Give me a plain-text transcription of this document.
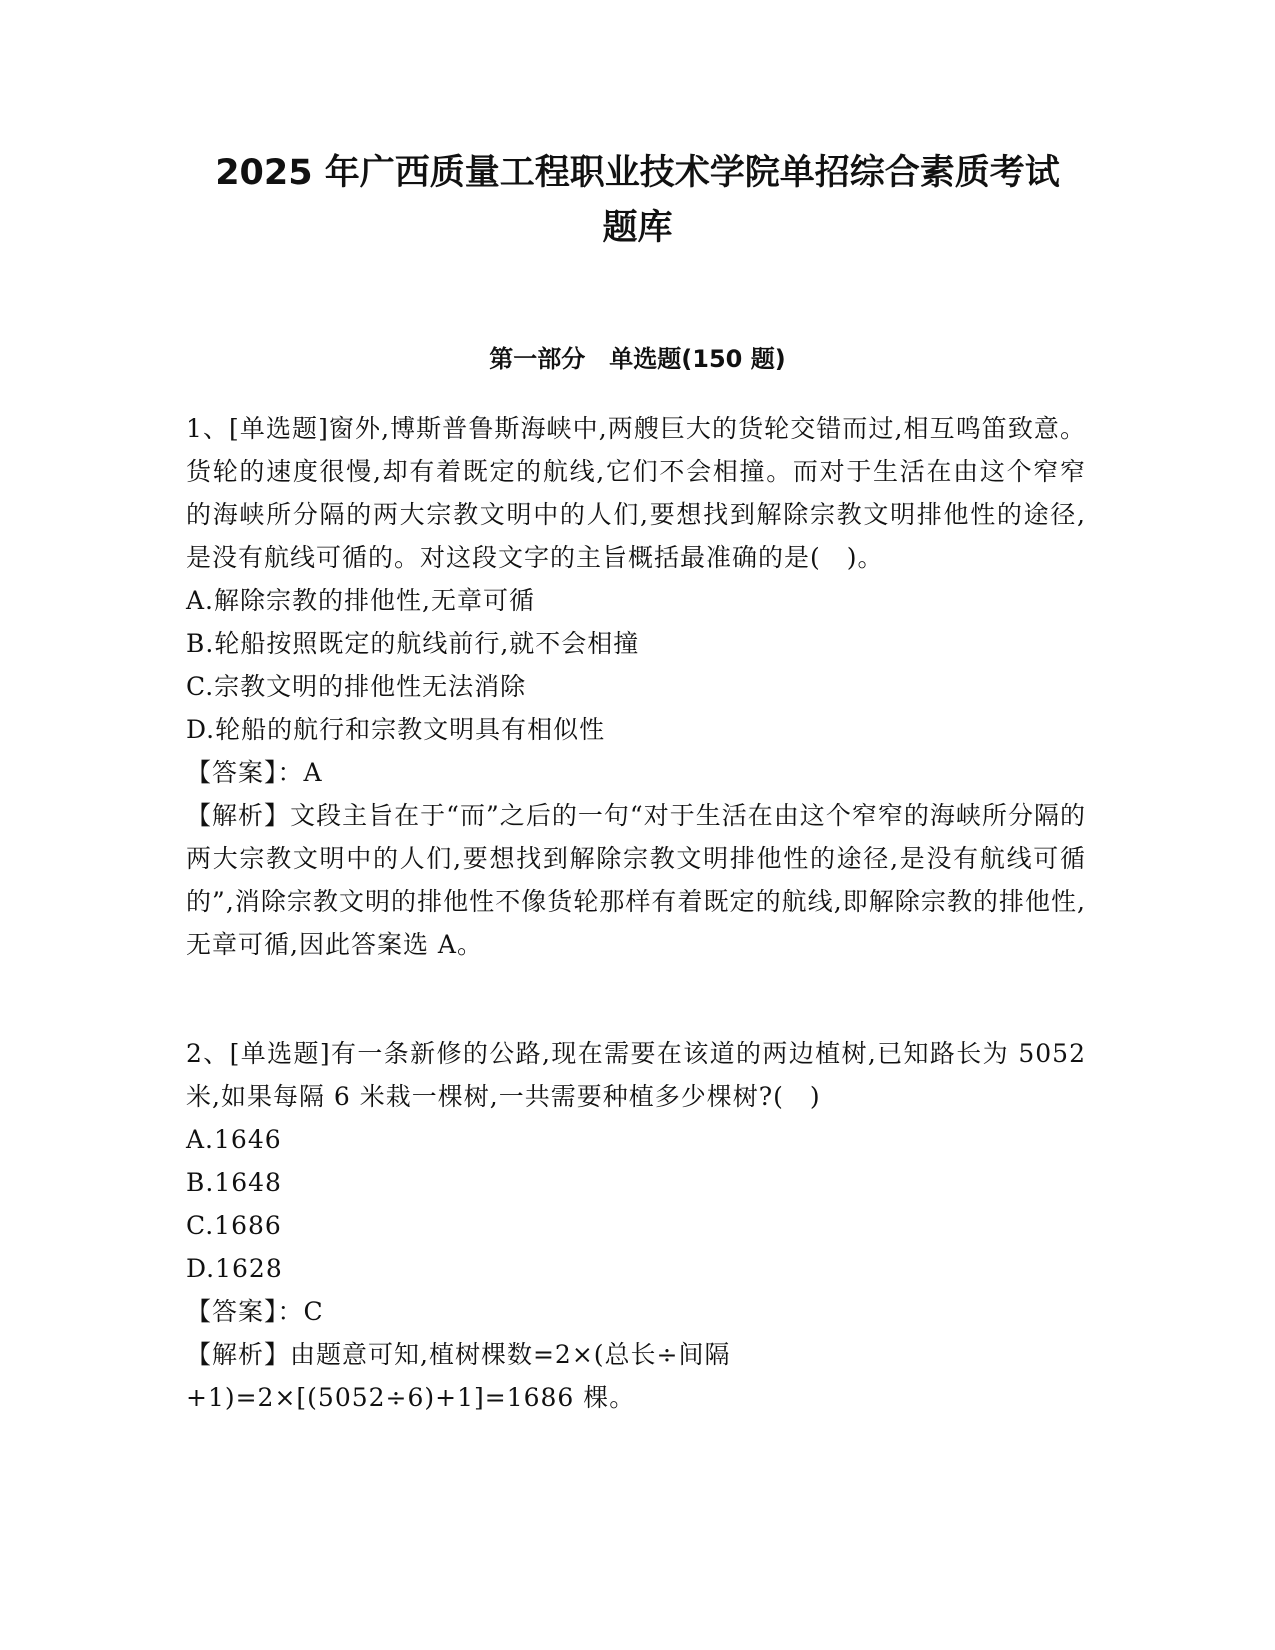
2025 年广西质量工程职业技术学院单招综合素质考试
题库
第一部分　单选题(150 题)

1、[单选题]窗外,博斯普鲁斯海峡中,两艘巨大的货轮交错而过,相互鸣笛致意。货轮的速度很慢,却有着既定的航线,它们不会相撞。而对于生活在由这个窄窄的海峡所分隔的两大宗教文明中的人们,要想找到解除宗教文明排他性的途径,是没有航线可循的。对这段文字的主旨概括最准确的是(　)。

A.解除宗教的排他性,无章可循

B.轮船按照既定的航线前行,就不会相撞

C.宗教文明的排他性无法消除

D.轮船的航行和宗教文明具有相似性

【答案】：A

【解析】文段主旨在于“而”之后的一句“对于生活在由这个窄窄的海峡所分隔的两大宗教文明中的人们,要想找到解除宗教文明排他性的途径,是没有航线可循的”,消除宗教文明的排他性不像货轮那样有着既定的航线,即解除宗教的排他性,无章可循,因此答案选 A。

2、[单选题]有一条新修的公路,现在需要在该道的两边植树,已知路长为 5052 米,如果每隔 6 米栽一棵树,一共需要种植多少棵树?(　)

A.1646

B.1648

C.1686

D.1628

【答案】：C

【解析】由题意可知,植树棵数=2×(总长÷间隔

+1)=2×[(5052÷6)+1]=1686 棵。
